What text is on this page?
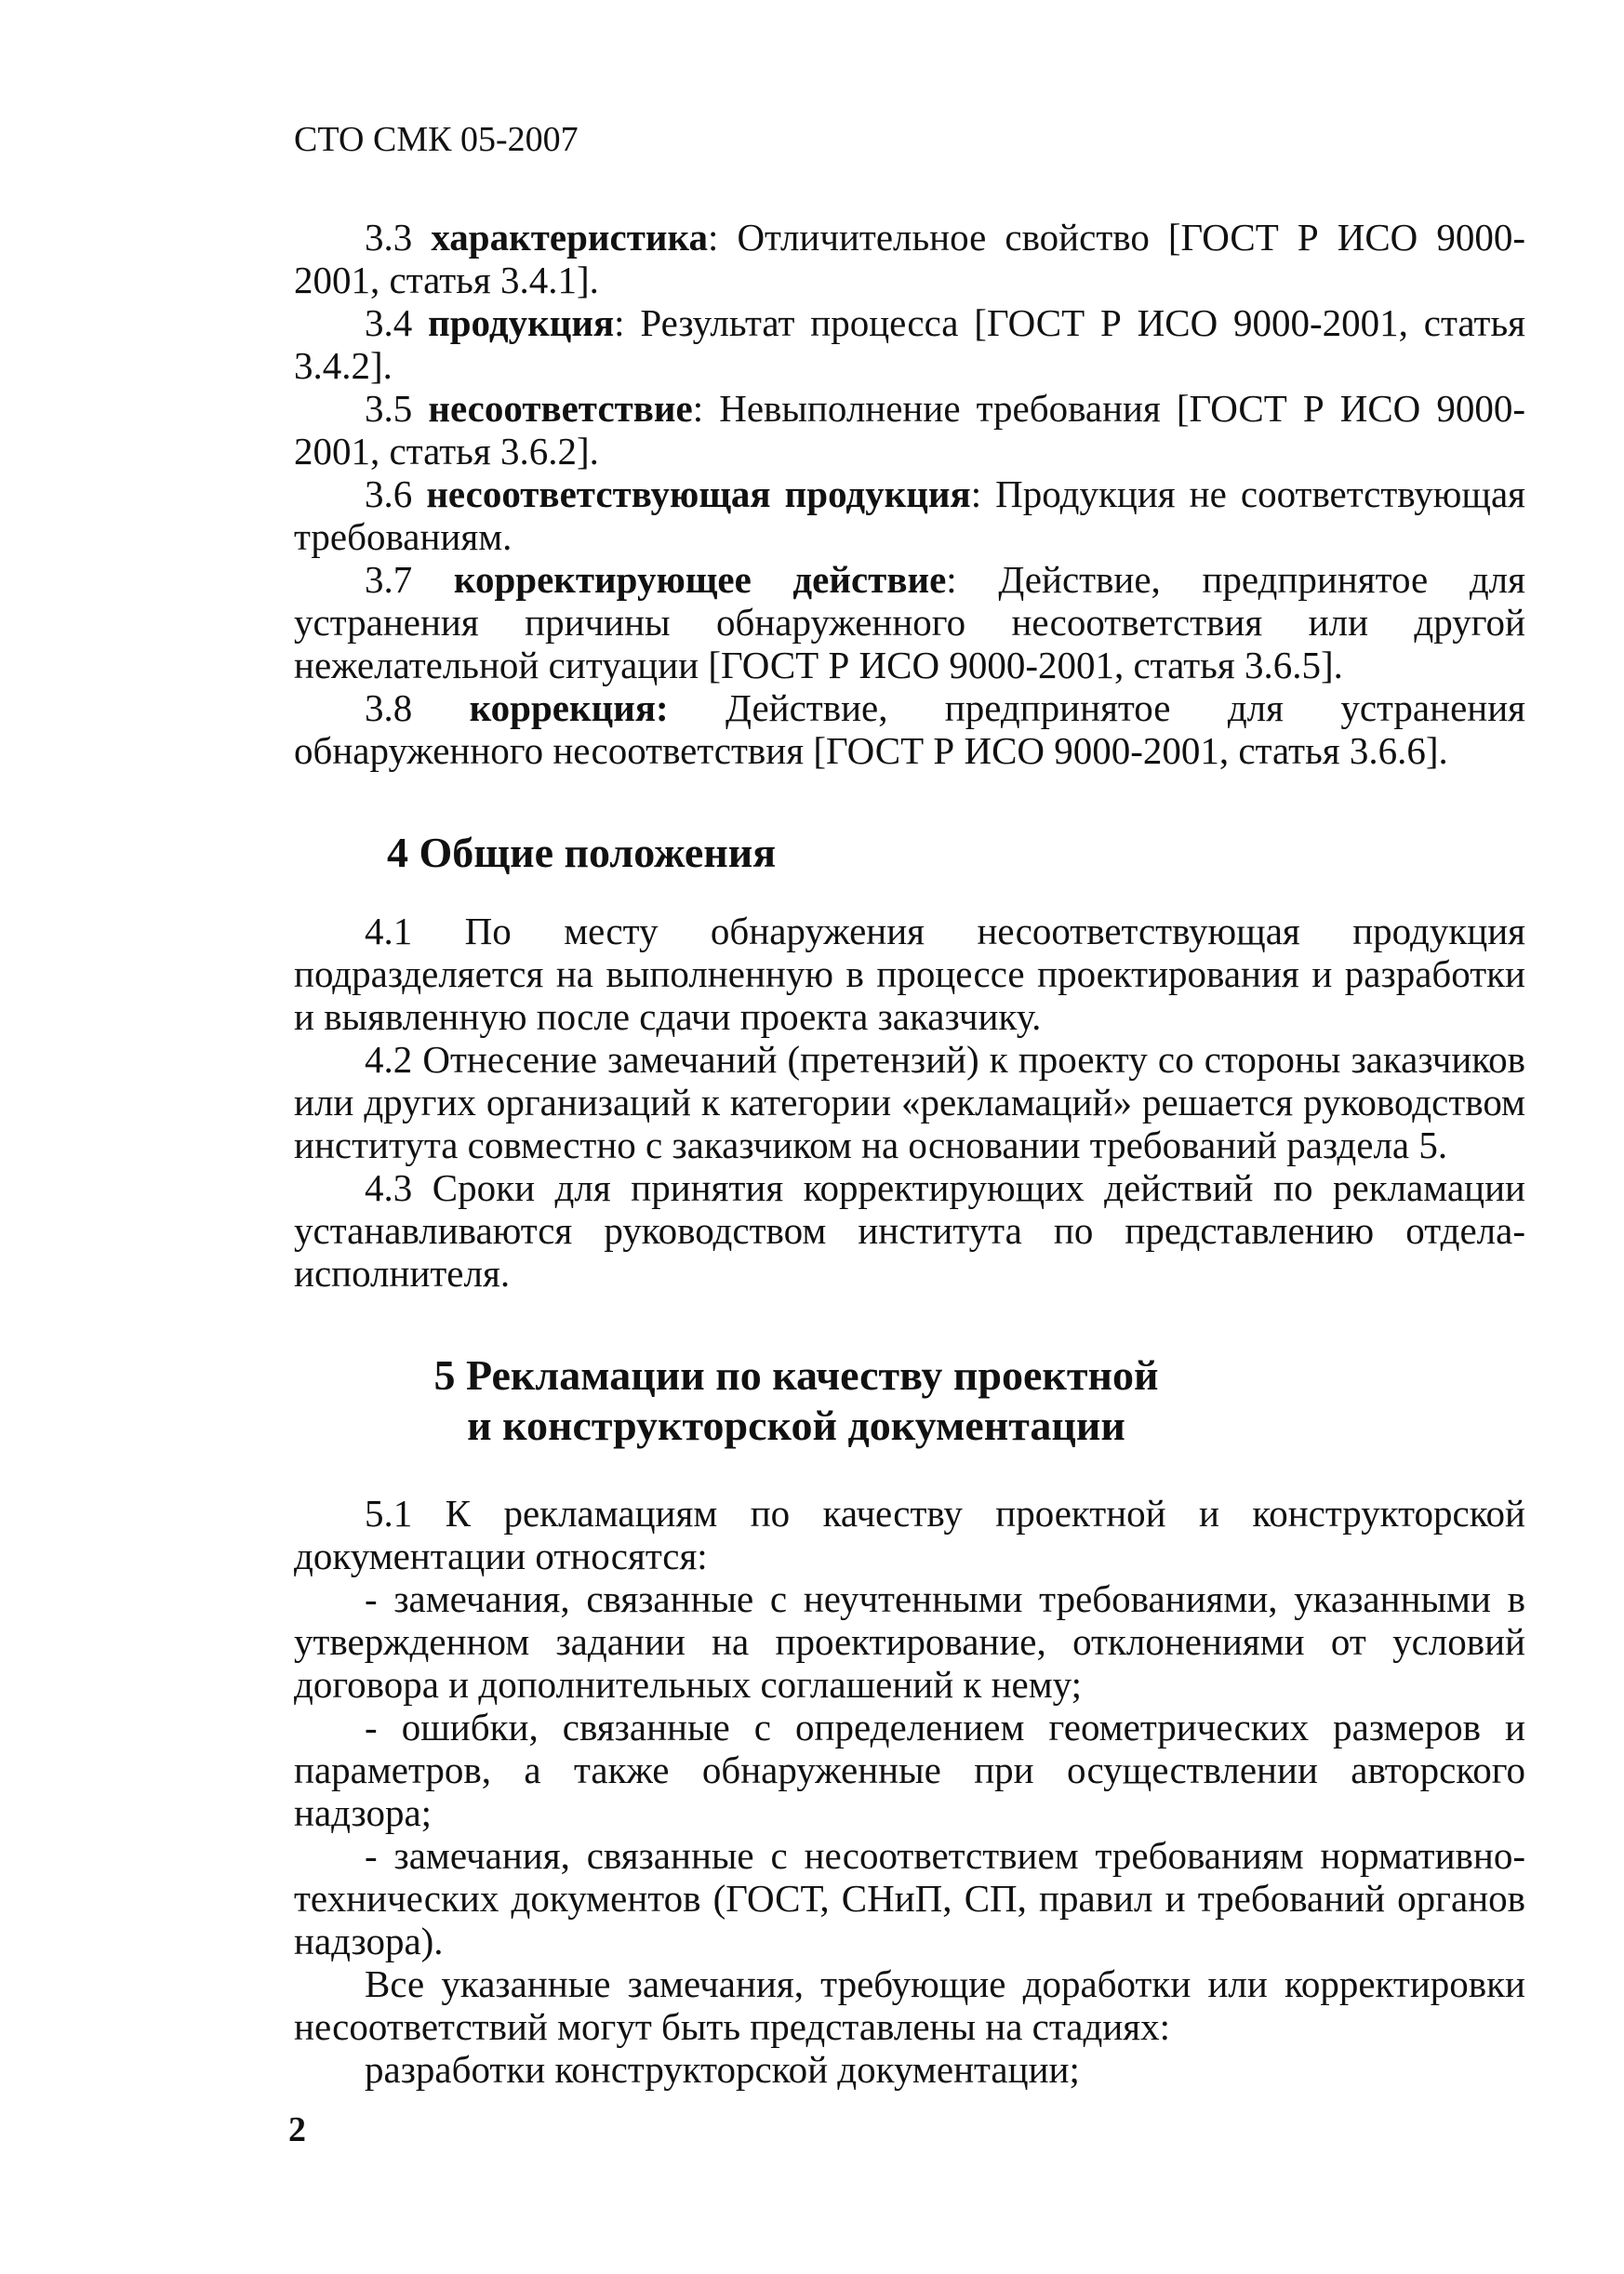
СТО СМК 05-2007

3.3 характеристика: Отличительное свойство [ГОСТ Р ИСО 9000-2001, статья 3.4.1].

3.4 продукция: Результат процесса [ГОСТ Р ИСО 9000-2001, статья 3.4.2].

3.5 несоответствие: Невыполнение требования [ГОСТ Р ИСО 9000-2001, статья 3.6.2].

3.6 несоответствующая продукция: Продукция не соответствующая требованиям.

3.7 корректирующее действие: Действие, предпринятое для устранения причины обнаруженного несоответствия или другой нежелательной ситуации [ГОСТ Р ИСО 9000-2001, статья 3.6.5].

3.8 коррекция: Действие, предпринятое для устранения обнаруженного несоответствия [ГОСТ Р ИСО 9000-2001, статья 3.6.6].

4 Общие положения

4.1 По месту обнаружения несоответствующая продукция подразделяется на выполненную в процессе проектирования и разработки и выявленную после сдачи проекта заказчику.

4.2 Отнесение замечаний (претензий) к проекту со стороны заказчиков или других организаций к категории «рекламаций» решается руководством института совместно с заказчиком на основании требований раздела 5.

4.3 Сроки для принятия корректирующих действий по рекламации устанавливаются руководством института по представлению отдела-исполнителя.

5 Рекламации по качеству проектной
и конструкторской документации

5.1 К рекламациям по качеству проектной и конструкторской документации относятся:

- замечания, связанные с неучтенными требованиями, указанными в утвержденном задании на проектирование, отклонениями от условий договора и дополнительных соглашений к нему;

- ошибки, связанные с определением геометрических размеров и параметров, а также обнаруженные при осуществлении авторского надзора;

- замечания, связанные с несоответствием требованиям нормативно-технических документов (ГОСТ, СНиП, СП, правил и требований органов надзора).

Все указанные замечания, требующие доработки или корректировки несоответствий могут быть представлены на стадиях:

разработки конструкторской документации;

2
